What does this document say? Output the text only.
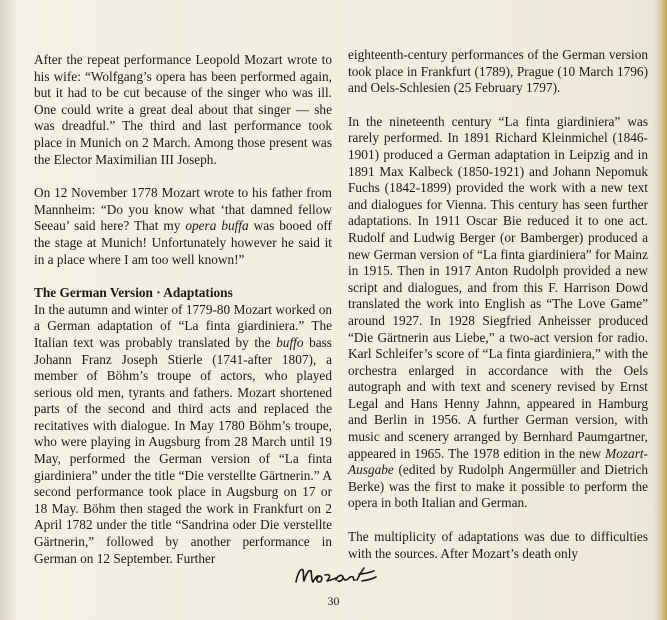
After the repeat performance Leopold Mozart wrote to his wife: “Wolfgang’s opera has been performed again, but it had to be cut because of the singer who was ill. One could write a great deal about that singer — she was dreadful.” The third and last performance took place in Munich on 2 March. Among those present was the Elector Maximilian III Joseph.

On 12 November 1778 Mozart wrote to his father from Mannheim: “Do you know what ‘that damned fellow Seeau’ said here? That my opera buffa was booed off the stage at Munich! Unfortunately however he said it in a place where I am too well known!”

The German Version · Adaptations

In the autumn and winter of 1779-80 Mozart worked on a German adaptation of “La finta giardiniera.” The Italian text was probably translated by the buffo bass Johann Franz Joseph Stierle (1741-after 1807), a member of Böhm’s troupe of actors, who played serious old men, tyrants and fathers. Mozart shortened parts of the second and third acts and replaced the recitatives with dialogue. In May 1780 Böhm’s troupe, who were playing in Augsburg from 28 March until 19 May, performed the German version of “La finta giardiniera” under the title “Die verstellte Gärtnerin.” A second performance took place in Augsburg on 17 or 18 May. Böhm then staged the work in Frankfurt on 2 April 1782 under the title “Sandrina oder Die verstellte Gärtnerin,” followed by another performance in German on 12 September. Further

eighteenth-century performances of the German version took place in Frankfurt (1789), Prague (10 March 1796) and Oels-Schlesien (25 February 1797).

In the nineteenth century “La finta giardiniera” was rarely performed. In 1891 Richard Kleinmichel (1846-1901) produced a German adaptation in Leipzig and in 1891 Max Kalbeck (1850-1921) and Johann Nepomuk Fuchs (1842-1899) provided the work with a new text and dialogues for Vienna. This century has seen further adaptations. In 1911 Oscar Bie reduced it to one act. Rudolf and Ludwig Berger (or Bamberger) produced a new German version of “La finta giardiniera” for Mainz in 1915. Then in 1917 Anton Rudolph provided a new script and dialogues, and from this F. Harrison Dowd translated the work into English as “The Love Game” around 1927. In 1928 Siegfried Anheisser produced “Die Gärtnerin aus Liebe,” a two-act version for radio. Karl Schleifer’s score of “La finta giardiniera,” with the orchestra enlarged in accordance with the Oels autograph and with text and scenery revised by Ernst Legal and Hans Henny Jahnn, appeared in Hamburg and Berlin in 1956. A further German version, with music and scenery arranged by Bernhard Paumgartner, appeared in 1965. The 1978 edition in the new Mozart-Ausgabe (edited by Rudolph Angermüller and Dietrich Berke) was the first to make it possible to perform the opera in both Italian and German.

The multiplicity of adaptations was due to difficulties with the sources. After Mozart’s death only

30
